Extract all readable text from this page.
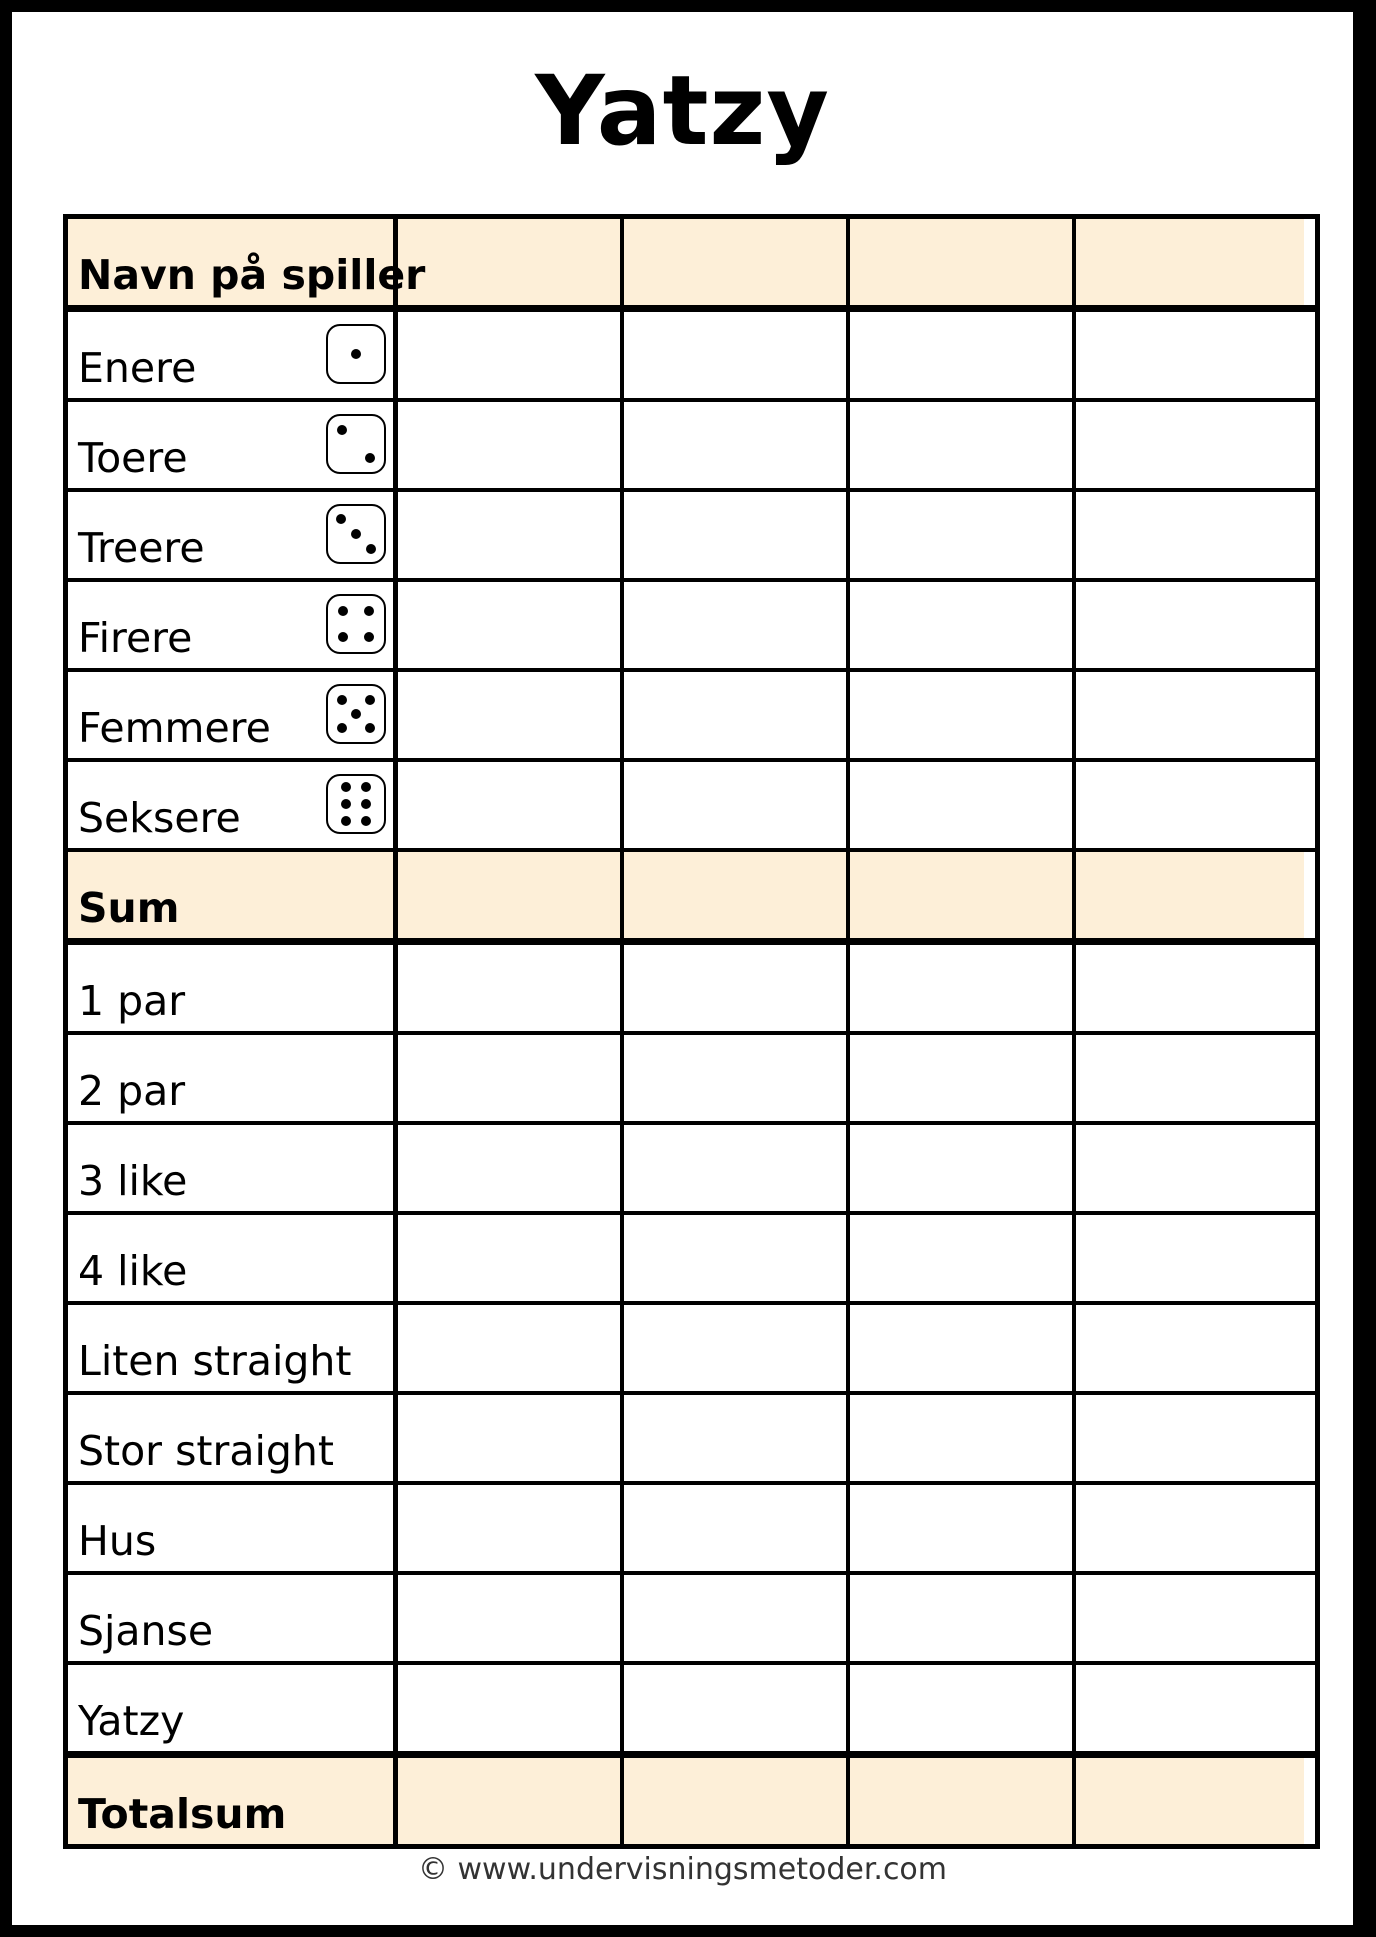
Yatzy
Navn på spiller
Enere
Toere
Treere
Firere
Femmere
Seksere
Sum
1 par
2 par
3 like
4 like
Liten straight
Stor straight
Hus
Sjanse
Yatzy
Totalsum
© www.undervisningsmetoder.com
